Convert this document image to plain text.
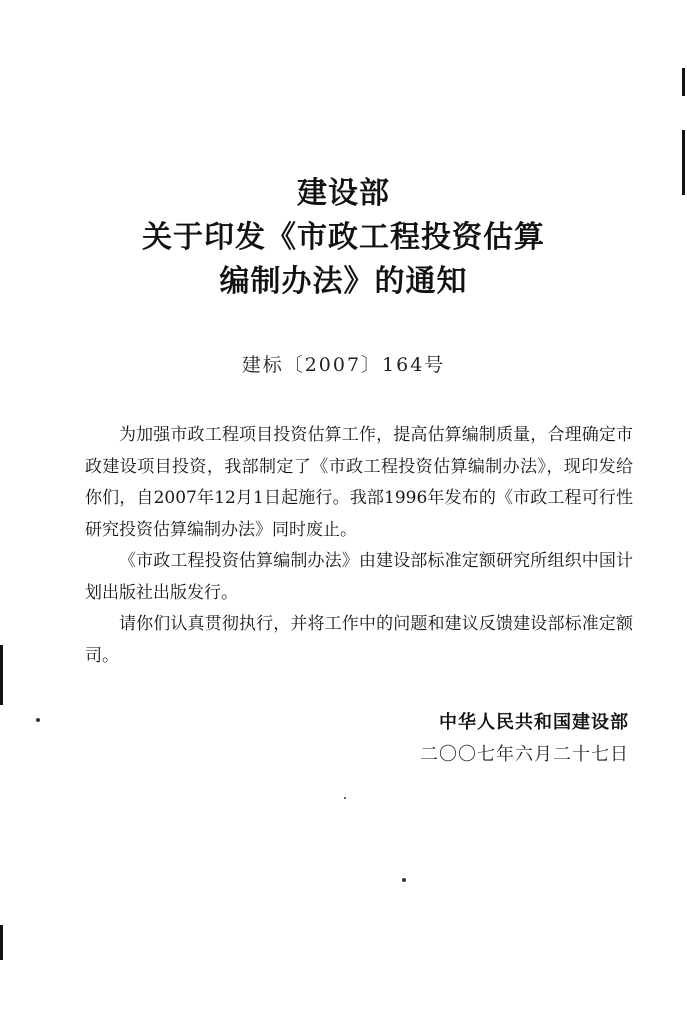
建设部
关于印发《市政工程投资估算
编制办法》的通知
建标〔2007〕164号

为加强市政工程项目投资估算工作，提高估算编制质量，合理确定市政建设项目投资，我部制定了《市政工程投资估算编制办法》，现印发给你们，自2007年12月1日起施行。我部1996年发布的《市政工程可行性研究投资估算编制办法》同时废止。

《市政工程投资估算编制办法》由建设部标准定额研究所组织中国计划出版社出版发行。

请你们认真贯彻执行，并将工作中的问题和建议反馈建设部标准定额司。

中华人民共和国建设部
二〇〇七年六月二十七日
